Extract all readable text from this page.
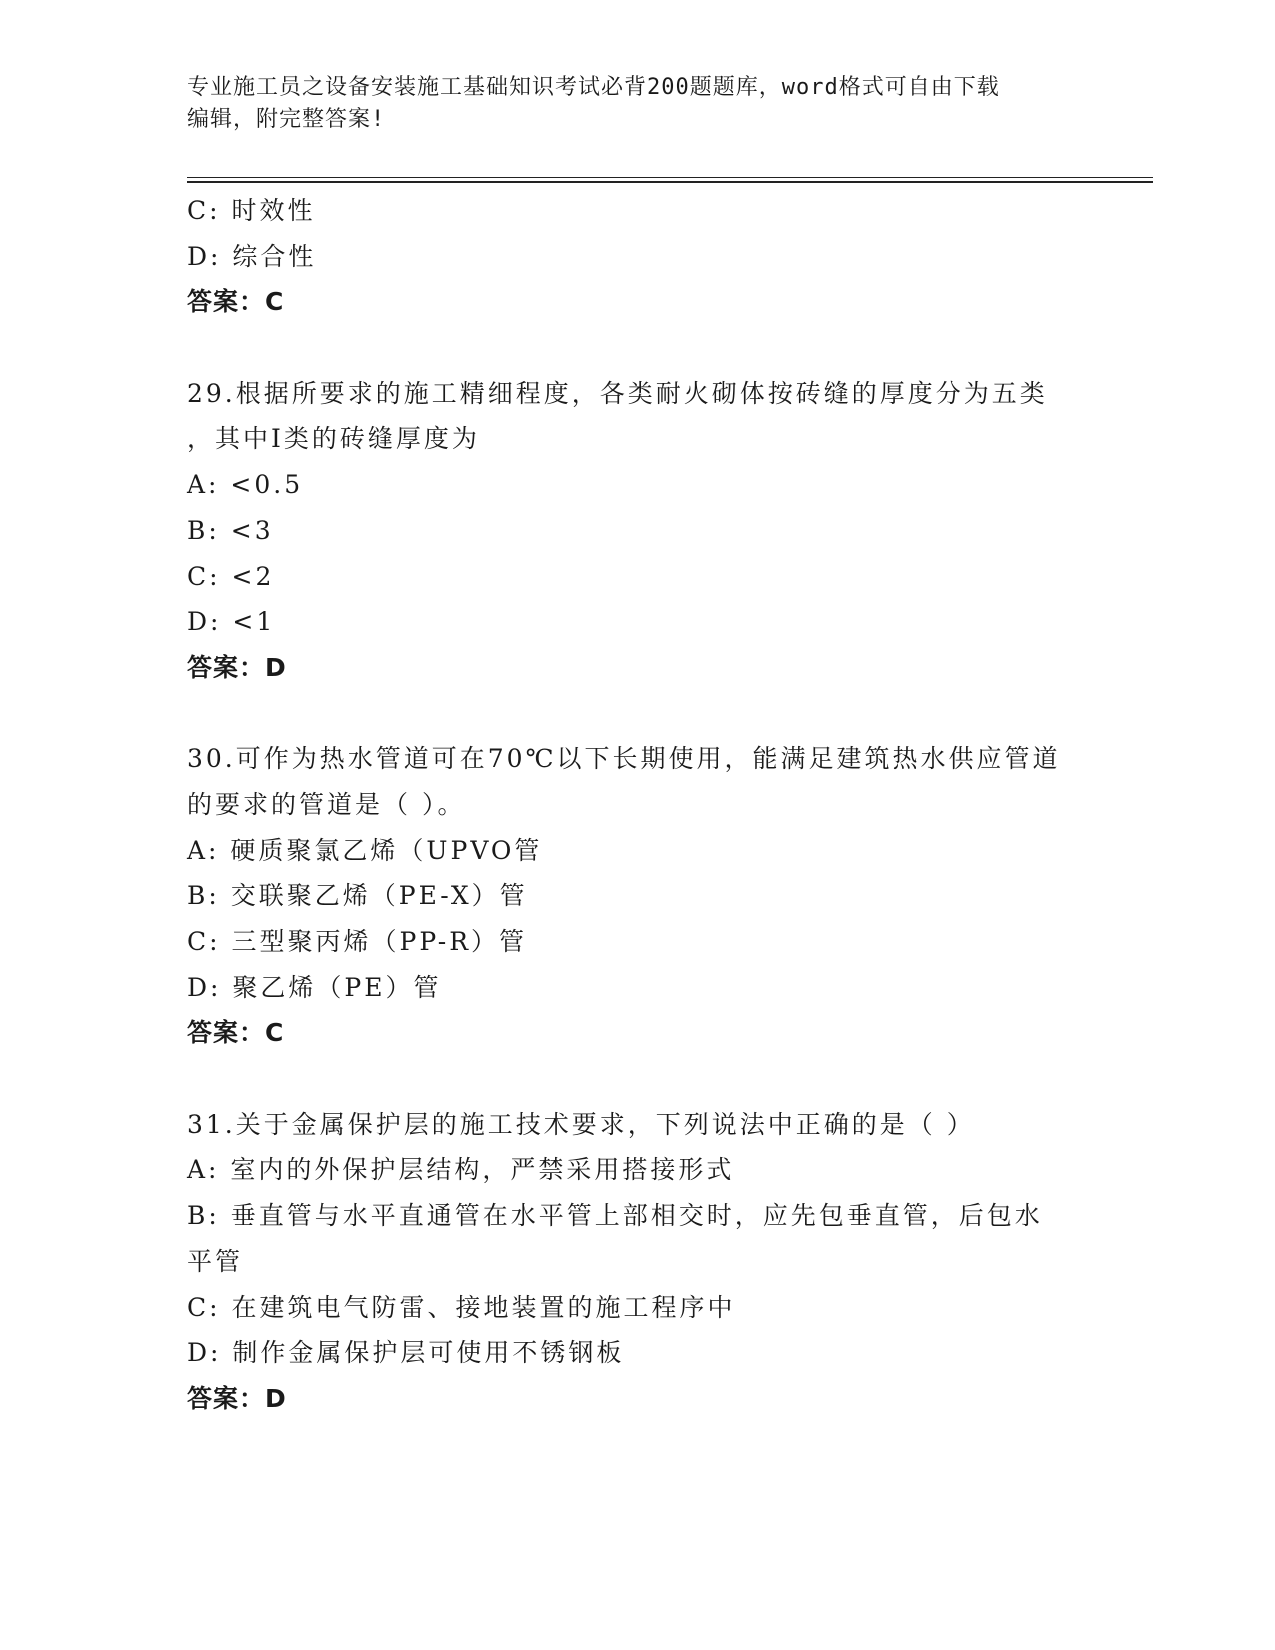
专业施工员之设备安装施工基础知识考试必背200题题库，word格式可自由下载
编辑，附完整答案!
C: 时效性
D: 综合性
答案：C
29.根据所要求的施工精细程度，各类耐火砌体按砖缝的厚度分为五类
，其中I类的砖缝厚度为
A: <0.5
B: <3
C: <2
D: <1
答案：D
30.可作为热水管道可在70℃以下长期使用，能满足建筑热水供应管道
的要求的管道是（ ）。
A: 硬质聚氯乙烯（UPVO管
B: 交联聚乙烯（PE-X）管
C: 三型聚丙烯（PP-R）管
D: 聚乙烯（PE）管
答案：C
31.关于金属保护层的施工技术要求，下列说法中正确的是（ ）
A: 室内的外保护层结构，严禁采用搭接形式
B: 垂直管与水平直通管在水平管上部相交时，应先包垂直管，后包水
平管
C: 在建筑电气防雷、接地装置的施工程序中
D: 制作金属保护层可使用不锈钢板
答案：D
